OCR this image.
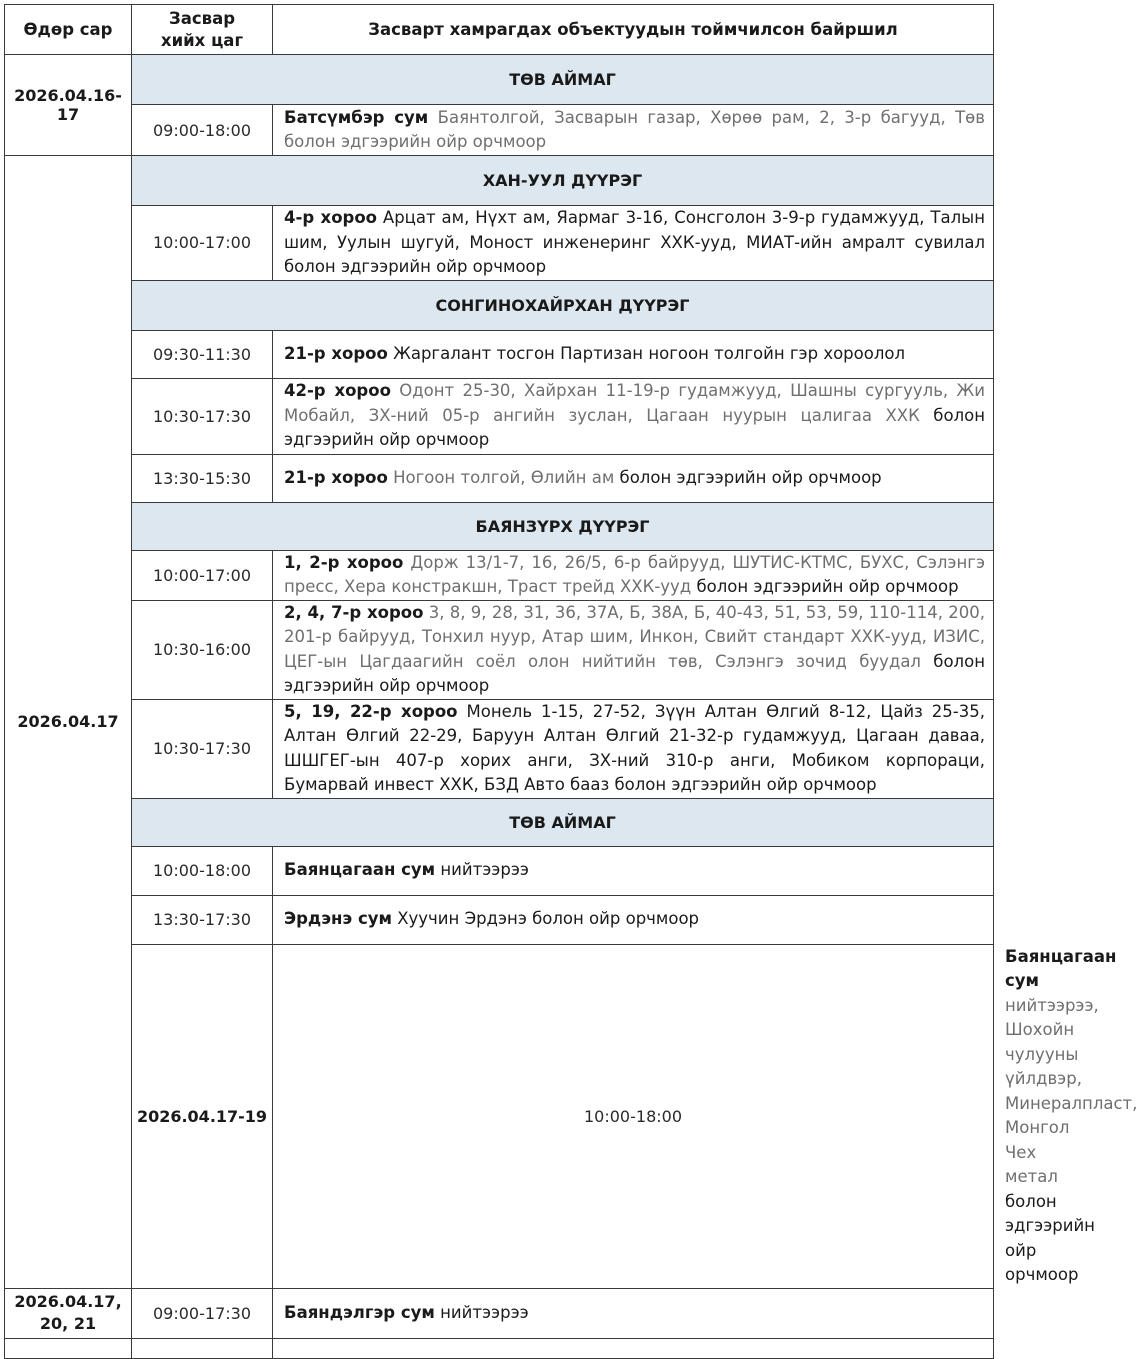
Өдөр сар	Засвар хийх цаг	Засварт хамрагдах объектуудын тоймчилсон байршил	
2026.04.16-17	ТӨВ АЙМАГ		
	09:00-18:00	Батсүмбэр сум Баянтолгой, Засварын газар, Хөрөө рам, 2, 3-р багууд, Төв болон эдгээрийн ойр орчмоор	
2026.04.17	ХАН-УУЛ ДҮҮРЭГ		
	10:00-17:00	4-р хороо Арцат ам, Нүхт ам, Яармаг 3-16, Сонсголон 3-9-р гудамжууд, Талын шим, Уулын шугуй, Моност инженеринг ХХК-ууд, МИАТ-ийн амралт сувилал болон эдгээрийн ойр орчмоор	
	СОНГИНОХАЙРХАН ДҮҮРЭГ		
	09:30-11:30	21-р хороо Жаргалант тосгон Партизан ногоон толгойн гэр хороолол	
	10:30-17:30	42-р хороо Одонт 25-30, Хайрхан 11-19-р гудамжууд, Шашны сургууль, Жи Мобайл, ЗХ-ний 05-р ангийн зуслан, Цагаан нуурын цалигаа ХХК болон эдгээрийн ойр орчмоор	
	13:30-15:30	21-р хороо Ногоон толгой, Өлийн ам болон эдгээрийн ойр орчмоор	
	БАЯНЗҮРХ ДҮҮРЭГ		
	10:00-17:00	1, 2-р хороо Дорж 13/1-7, 16, 26/5, 6-р байрууд, ШУТИС-КТМС, БУХС, Сэлэнгэ пресс, Хера констракшн, Траст трейд ХХК-ууд болон эдгээрийн ойр орчмоор	
	10:30-16:00	2, 4, 7-р хороо 3, 8, 9, 28, 31, 36, 37А, Б, 38А, Б, 40-43, 51, 53, 59, 110-114, 200, 201-р байрууд, Тонхил нуур, Атар шим, Инкон, Свийт стандарт ХХК-ууд, ИЗИС, ЦЕГ-ын Цагдаагийн соёл олон нийтийн төв, Сэлэнгэ зочид буудал болон эдгээрийн ойр орчмоор	
	10:30-17:30	5, 19, 22-р хороо Монель 1-15, 27-52, Зүүн Алтан Өлгий 8-12, Цайз 25-35, Алтан Өлгий 22-29, Баруун Алтан Өлгий 21-32-р гудамжууд, Цагаан даваа, ШШГЕГ-ын 407-р хорих анги, ЗХ-ний 310-р анги, Мобиком корпораци, Бумарвай инвест ХХК, БЗД Авто бааз болон эдгээрийн ойр орчмоор	
	ТӨВ АЙМАГ		
	10:00-18:00	Баянцагаан сум нийтээрээ	
	13:30-17:30	Эрдэнэ сум Хуучин Эрдэнэ болон ойр орчмоор	
	2026.04.17-19	10:00-18:00	Баянцагаан сум нийтээрээ, Шохойн чулууны үйлдвэр, Минералпласт, Монгол Чех метал болон эдгээрийн ойр орчмоор
2026.04.17, 20, 21	09:00-17:30	Баяндэлгэр сум нийтээрээ	
